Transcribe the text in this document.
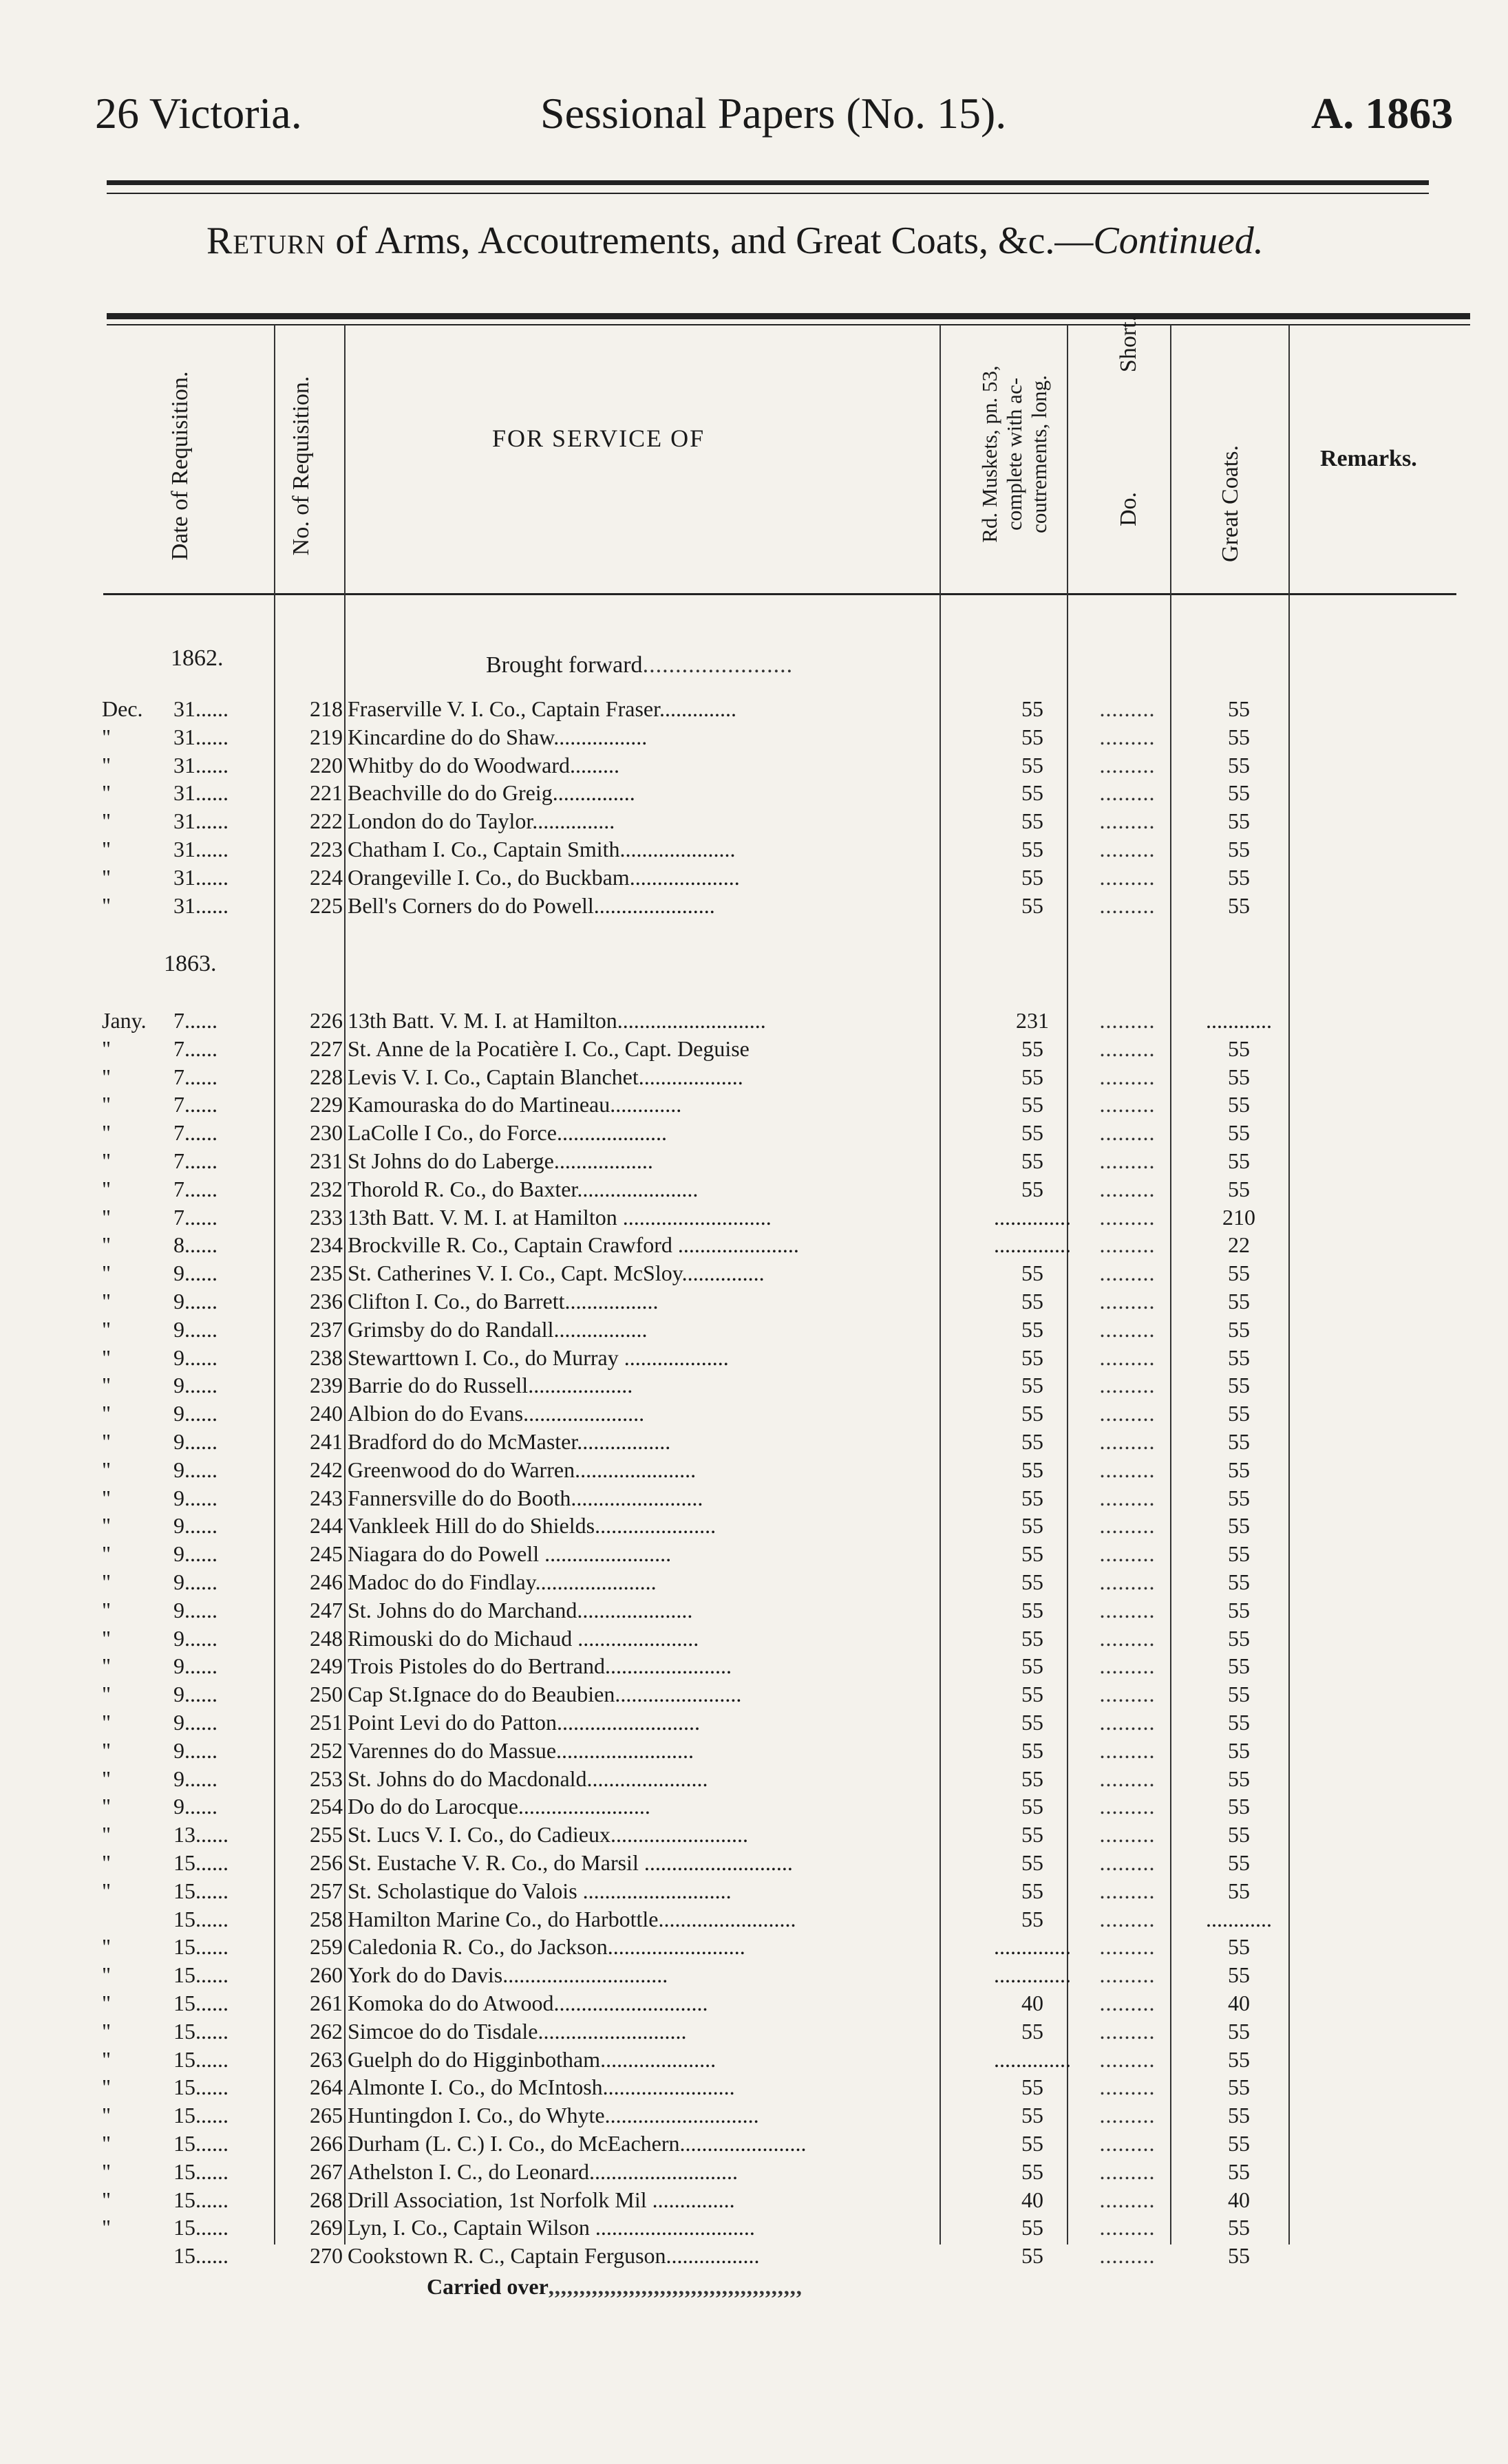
26 Victoria.	Sessional Papers (No. 15).	A. 1863
Return of Arms, Accoutrements, and Great Coats, &c.—Continued.
Date of Requisition.	No. of Requisition.	FOR SERVICE OF	Rd. Muskets, pn. 53, complete with ac- coutrements, long.	Do.
Short.
Great Coats.	Remarks.
1862.	Brought forward.......................
1863.
Dec.	31......	218 Fraserville V. I. Co., Captain Fraser..............	55	.........	55
"	31......	219 Kincardine do do Shaw.................	55	.........	55
"	31......	220 Whitby do do Woodward.........	55	.........	55
"	31......	221 Beachville do do Greig...............	55	.........	55
"	31......	222 London do do Taylor...............	55	.........	55
"	31......	223 Chatham I. Co., Captain Smith.....................	55	.........	55
"	31......	224 Orangeville I. Co., do Buckbam....................	55	.........	55
"	31......	225 Bell's Corners do do Powell......................	55	.........	55
Jany.	7......	226 13th Batt. V. M. I. at Hamilton...........................	231	.........	............
"	7......	227 St. Anne de la Pocatière I. Co., Capt. Deguise	55	.........	55
"	7......	228 Levis V. I. Co., Captain Blanchet...................	55	.........	55
"	7......	229 Kamouraska do do Martineau.............	55	.........	55
"	7......	230 LaColle I Co., do Force....................	55	.........	55
"	7......	231 St Johns do do Laberge..................	55	.........	55
"	7......	232 Thorold R. Co., do Baxter......................	55	.........	55
"	7......	233 13th Batt. V. M. I. at Hamilton ...........................	..............	.........	210
"	8......	234 Brockville R. Co., Captain Crawford ......................	..............	.........	22
"	9......	235 St. Catherines V. I. Co., Capt. McSloy...............	55	.........	55
"	9......	236 Clifton I. Co., do Barrett.................	55	.........	55
"	9......	237 Grimsby do do Randall.................	55	.........	55
"	9......	238 Stewarttown I. Co., do Murray ...................	55	.........	55
"	9......	239 Barrie do do Russell...................	55	.........	55
"	9......	240 Albion do do Evans......................	55	.........	55
"	9......	241 Bradford do do McMaster.................	55	.........	55
"	9......	242 Greenwood do do Warren......................	55	.........	55
"	9......	243 Fannersville do do Booth........................	55	.........	55
"	9......	244 Vankleek Hill do do Shields......................	55	.........	55
"	9......	245 Niagara do do Powell .......................	55	.........	55
"	9......	246 Madoc do do Findlay......................	55	.........	55
"	9......	247 St. Johns do do Marchand.....................	55	.........	55
"	9......	248 Rimouski do do Michaud ......................	55	.........	55
"	9......	249 Trois Pistoles do do Bertrand.......................	55	.........	55
"	9......	250 Cap St.Ignace do do Beaubien.......................	55	.........	55
"	9......	251 Point Levi do do Patton..........................	55	.........	55
"	9......	252 Varennes do do Massue.........................	55	.........	55
"	9......	253 St. Johns do do Macdonald......................	55	.........	55
"	9......	254 Do do do Larocque........................	55	.........	55
"	13......	255 St. Lucs V. I. Co., do Cadieux.........................	55	.........	55
"	15......	256 St. Eustache V. R. Co., do Marsil ...........................	55	.........	55
"	15......	257 St. Scholastique do Valois ...........................	55	.........	55
15......	258 Hamilton Marine Co., do Harbottle.........................	55	.........	............
"	15......	259 Caledonia R. Co., do Jackson.........................	..............	.........	55
"	15......	260 York do do Davis..............................	..............	.........	55
"	15......	261 Komoka do do Atwood............................	40	.........	40
"	15......	262 Simcoe do do Tisdale...........................	55	.........	55
"	15......	263 Guelph do do Higginbotham.....................	..............	.........	55
"	15......	264 Almonte I. Co., do McIntosh........................	55	.........	55
"	15......	265 Huntingdon I. Co., do Whyte............................	55	.........	55
"	15......	266 Durham (L. C.) I. Co., do McEachern.......................	55	.........	55
"	15......	267 Athelston I. C., do Leonard...........................	55	.........	55
"	15......	268 Drill Association, 1st Norfolk Mil ...............	40	.........	40
"	15......	269 Lyn, I. Co., Captain Wilson .............................	55	.........	55
15......	270 Cookstown R. C., Captain Ferguson.................	55	.........	55
Carried over,,,,,,,,,,,,,,,,,,,,,,,,,,,,,,,,,,,,,,,,,
